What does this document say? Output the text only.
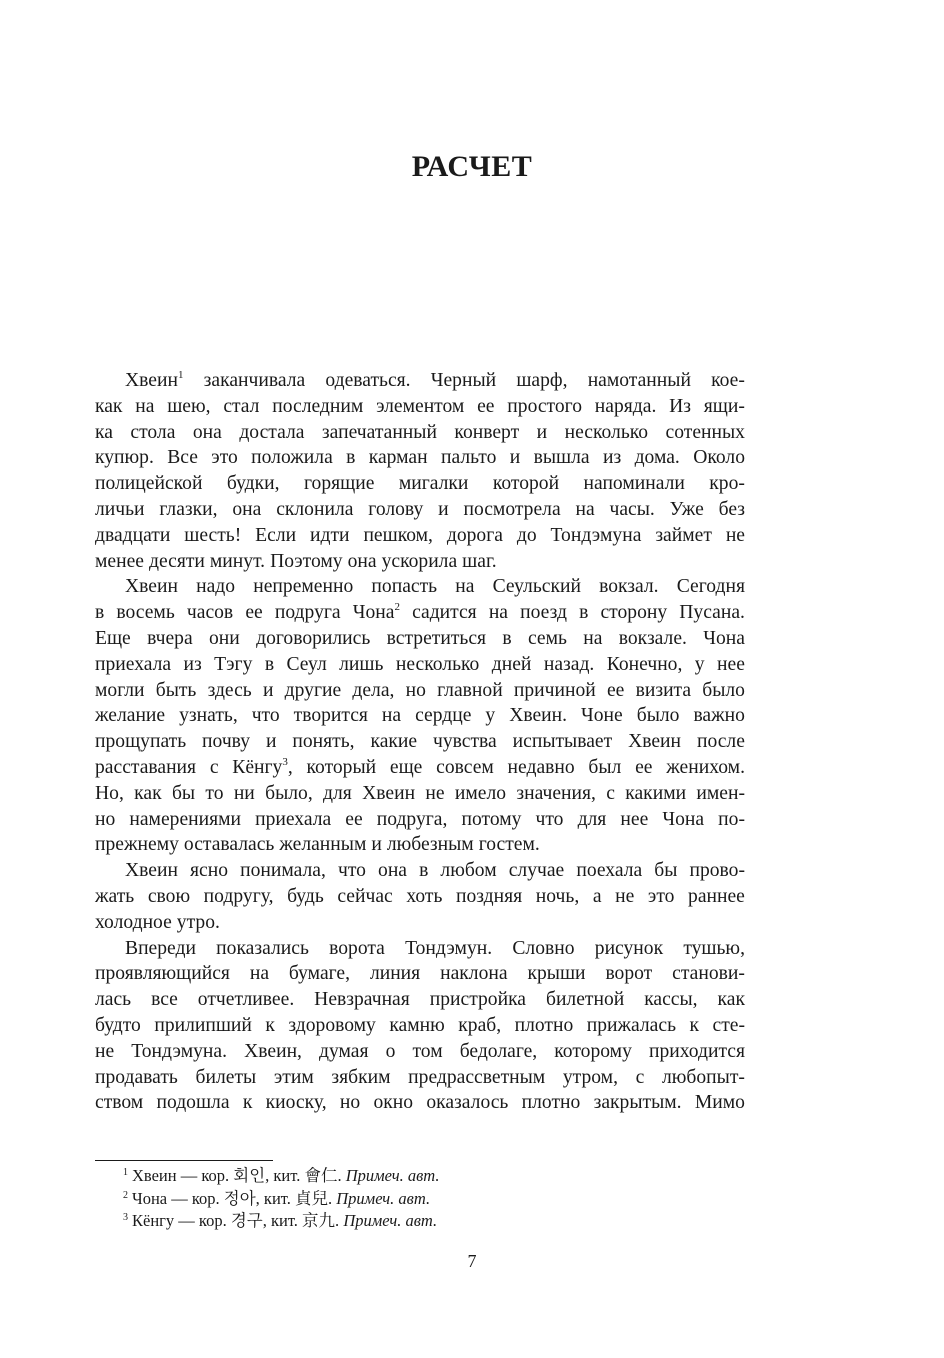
РАСЧЕТ
Хвеин$^1$ заканчивала одеваться. Черный шарф, намотанный кое-
как на шею, стал последним элементом ее простого наряда. Из ящи-
ка стола она достала запечатанный конверт и несколько сотенных
купюр. Все это положила в карман пальто и вышла из дома. Около
полицейской будки, горящие мигалки которой напоминали кро-
личьи глазки, она склонила голову и посмотрела на часы. Уже без
двадцати шесть! Если идти пешком, дорога до Тондэмуна займет не
менее десяти минут. Поэтому она ускорила шаг.
Хвеин надо непременно попасть на Сеульский вокзал. Сегодня
в восемь часов ее подруга Чона$^2$ садится на поезд в сторону Пусана.
Еще вчера они договорились встретиться в семь на вокзале. Чона
приехала из Тэгу в Сеул лишь несколько дней назад. Конечно, у нее
могли быть здесь и другие дела, но главной причиной ее визита было
желание узнать, что творится на сердце у Хвеин. Чоне было важно
прощупать почву и понять, какие чувства испытывает Хвеин после
расставания с Кёнгу$^3$, который еще совсем недавно был ее женихом.
Но, как бы то ни было, для Хвеин не имело значения, с какими имен-
но намерениями приехала ее подруга, потому что для нее Чона по-
прежнему оставалась желанным и любезным гостем.
Хвеин ясно понимала, что она в любом случае поехала бы прово-
жать свою подругу, будь сейчас хоть поздняя ночь, а не это раннее
холодное утро.
Впереди показались ворота Тондэмун. Словно рисунок тушью,
проявляющийся на бумаге, линия наклона крыши ворот станови-
лась все отчетливее. Невзрачная пристройка билетной кассы, как
будто прилипший к здоровому камню краб, плотно прижалась к сте-
не Тондэмуна. Хвеин, думая о том бедолаге, которому приходится
продавать билеты этим зябким предрассветным утром, с любопыт-
ством подошла к киоску, но окно оказалось плотно закрытым. Мимо
$^1$ Хвеин — кор. 회인, кит. 會仁. Примеч. авт.
$^2$ Чона — кор. 정아, кит. 貞兒. Примеч. авт.
$^3$ Кёнгу — кор. 경구, кит. 京九. Примеч. авт.
7
